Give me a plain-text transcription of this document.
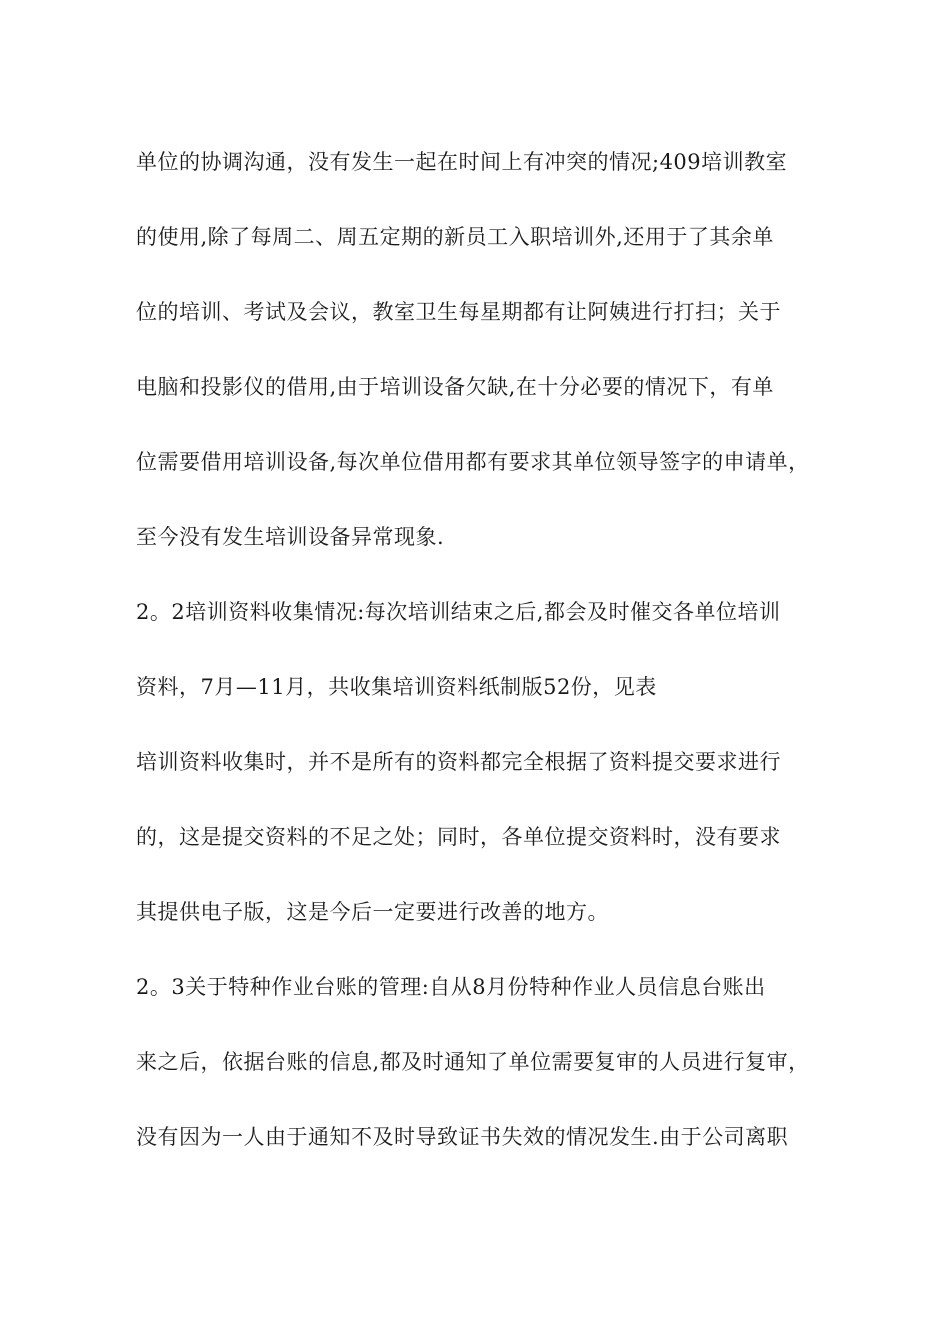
单位的协调沟通，没有发生一起在时间上有冲突的情况;409培训教室
的使用,除了每周二、周五定期的新员工入职培训外,还用于了其余单
位的培训、考试及会议，教室卫生每星期都有让阿姨进行打扫；关于
电脑和投影仪的借用,由于培训设备欠缺,在十分必要的情况下，有单
位需要借用培训设备,每次单位借用都有要求其单位领导签字的申请单，
至今没有发生培训设备异常现象.
2。2培训资料收集情况:每次培训结束之后,都会及时催交各单位培训
资料，7月—11月，共收集培训资料纸制版52份，见表
培训资料收集时，并不是所有的资料都完全根据了资料提交要求进行
的，这是提交资料的不足之处；同时，各单位提交资料时，没有要求
其提供电子版，这是今后一定要进行改善的地方。
2。3关于特种作业台账的管理:自从8月份特种作业人员信息台账出
来之后，依据台账的信息,都及时通知了单位需要复审的人员进行复审，
没有因为一人由于通知不及时导致证书失效的情况发生.由于公司离职
